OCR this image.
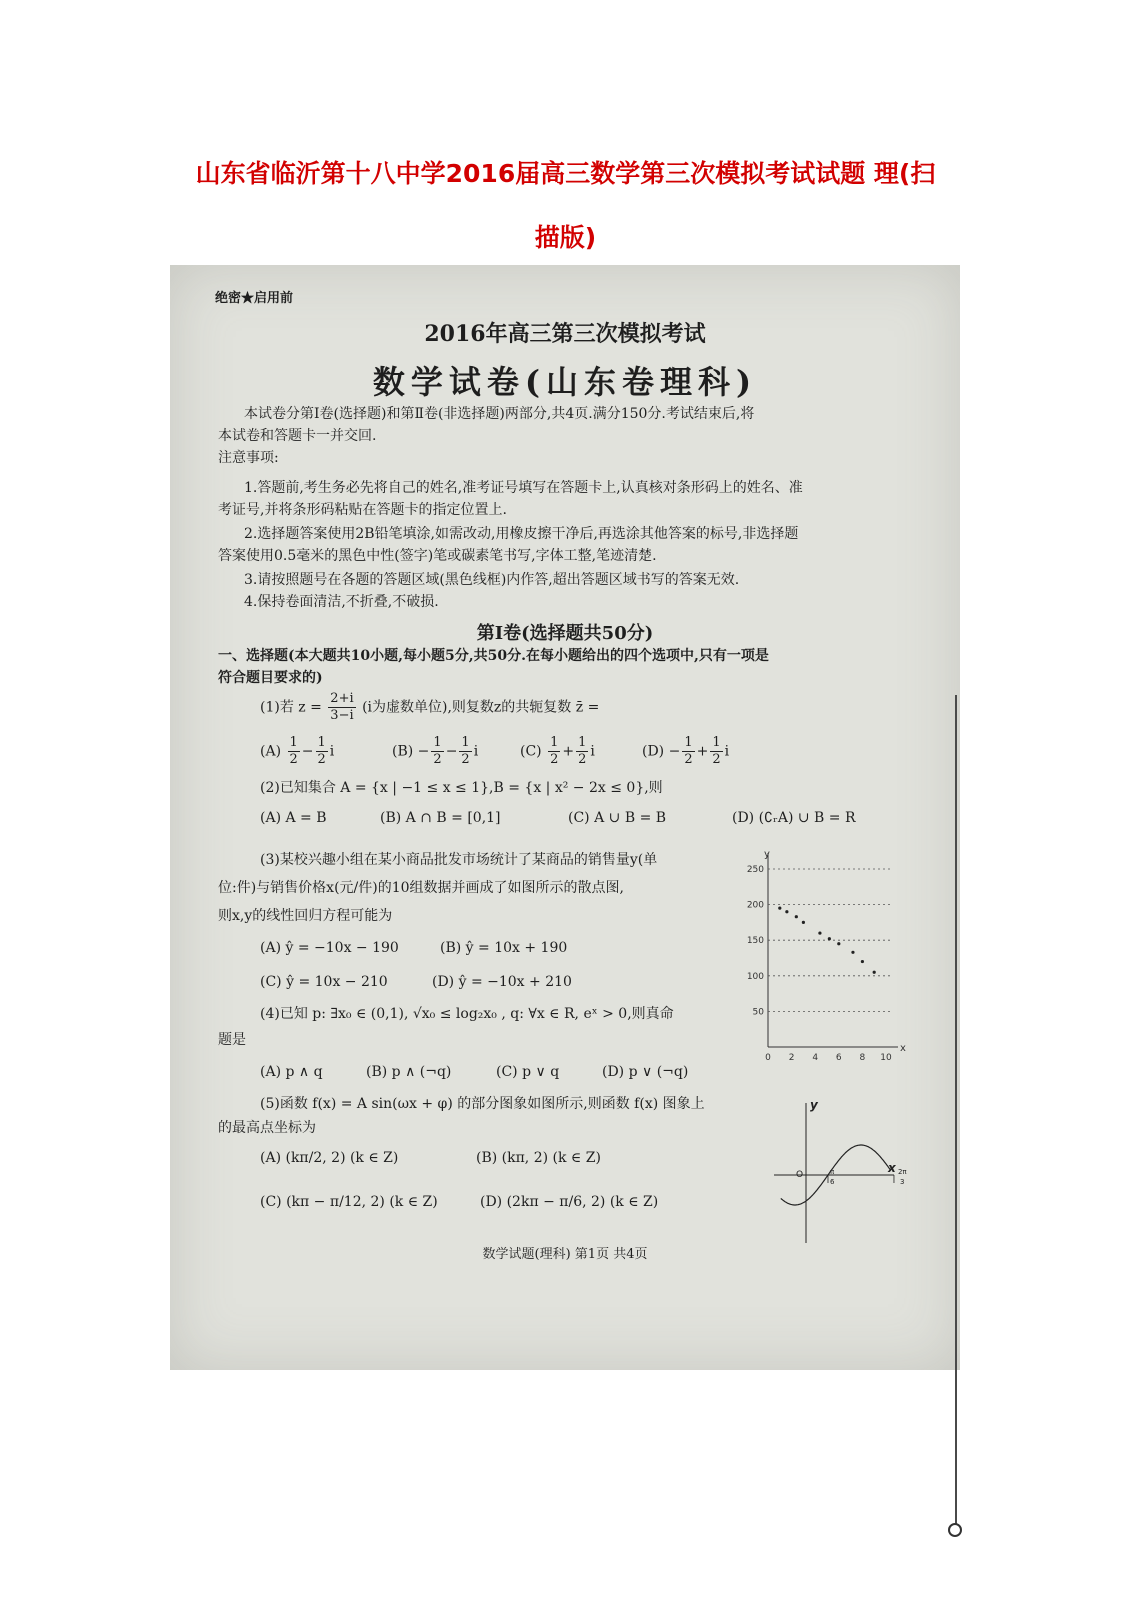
山东省临沂第十八中学2016届高三数学第三次模拟考试试题 理(扫
描版)
绝密★启用前
2016年高三第三次模拟考试
数学试卷(山东卷理科)
本试卷分第Ⅰ卷(选择题)和第Ⅱ卷(非选择题)两部分,共4页.满分150分.考试结束后,将
本试卷和答题卡一并交回.
注意事项:
1.答题前,考生务必先将自己的姓名,准考证号填写在答题卡上,认真核对条形码上的姓名、准
考证号,并将条形码粘贴在答题卡的指定位置上.
2.选择题答案使用2B铅笔填涂,如需改动,用橡皮擦干净后,再选涂其他答案的标号,非选择题
答案使用0.5毫米的黑色中性(签字)笔或碳素笔书写,字体工整,笔迹清楚.
3.请按照题号在各题的答题区域(黑色线框)内作答,超出答题区域书写的答案无效.
4.保持卷面清洁,不折叠,不破损.
第Ⅰ卷(选择题共50分)
一、选择题(本大题共10小题,每小题5分,共50分.在每小题给出的四个选项中,只有一项是
符合题目要求的)
(1)若 $z = \frac{2+i}{3-i} (i$为虚数单位),则复数z的共轭复数 z̄ =
$(A) \frac{1}{2} - \frac{1}{2}$ i	$(B) - \frac{1}{2} - \frac{1}{2}$ i	$(C) \frac{1}{2} + \frac{1}{2}$ i	$(D) - \frac{1}{2} + \frac{1}{2}$ i
(2)已知集合 A = {x | −1 ≤ x ≤ 1},B = {x | x² − 2x ≤ 0},则
(A) A = B	(B) A ∩ B = [0,1]	(C) A ∪ B = B	(D) (∁ᵣA) ∪ B = R
(3)某校兴趣小组在某小商品批发市场统计了某商品的销售量y(单
位:件)与销售价格x(元/件)的10组数据并画成了如图所示的散点图,
则x,y的线性回归方程可能为
(A) ŷ = −10x − 190	(B) ŷ = 10x + 190
(C) ŷ = 10x − 210	(D) ŷ = −10x + 210
(4)已知 p: ∃x₀ ∈ (0,1), √x₀ ≤ log₂x₀ , q: ∀x ∈ R, eˣ > 0,则真命
题是
(A) p ∧ q	(B) p ∧ (¬q)	(C) p ∨ q	(D) p ∨ (¬q)
(5)函数 f(x) = A sin(ωx + φ) 的部分图象如图所示,则函数 f(x) 图象上
的最高点坐标为
(A) (kπ/2, 2) (k ∈ Z)	(B) (kπ, 2) (k ∈ Z)
(C) (kπ − π/12, 2) (k ∈ Z)	(D) (2kπ − π/6, 2) (k ∈ Z)
数学试题(理科) 第1页 共4页
x
y
50
100
150
200
250
0 2 4 6 8 10
x
y
O	π
6
2π
3
